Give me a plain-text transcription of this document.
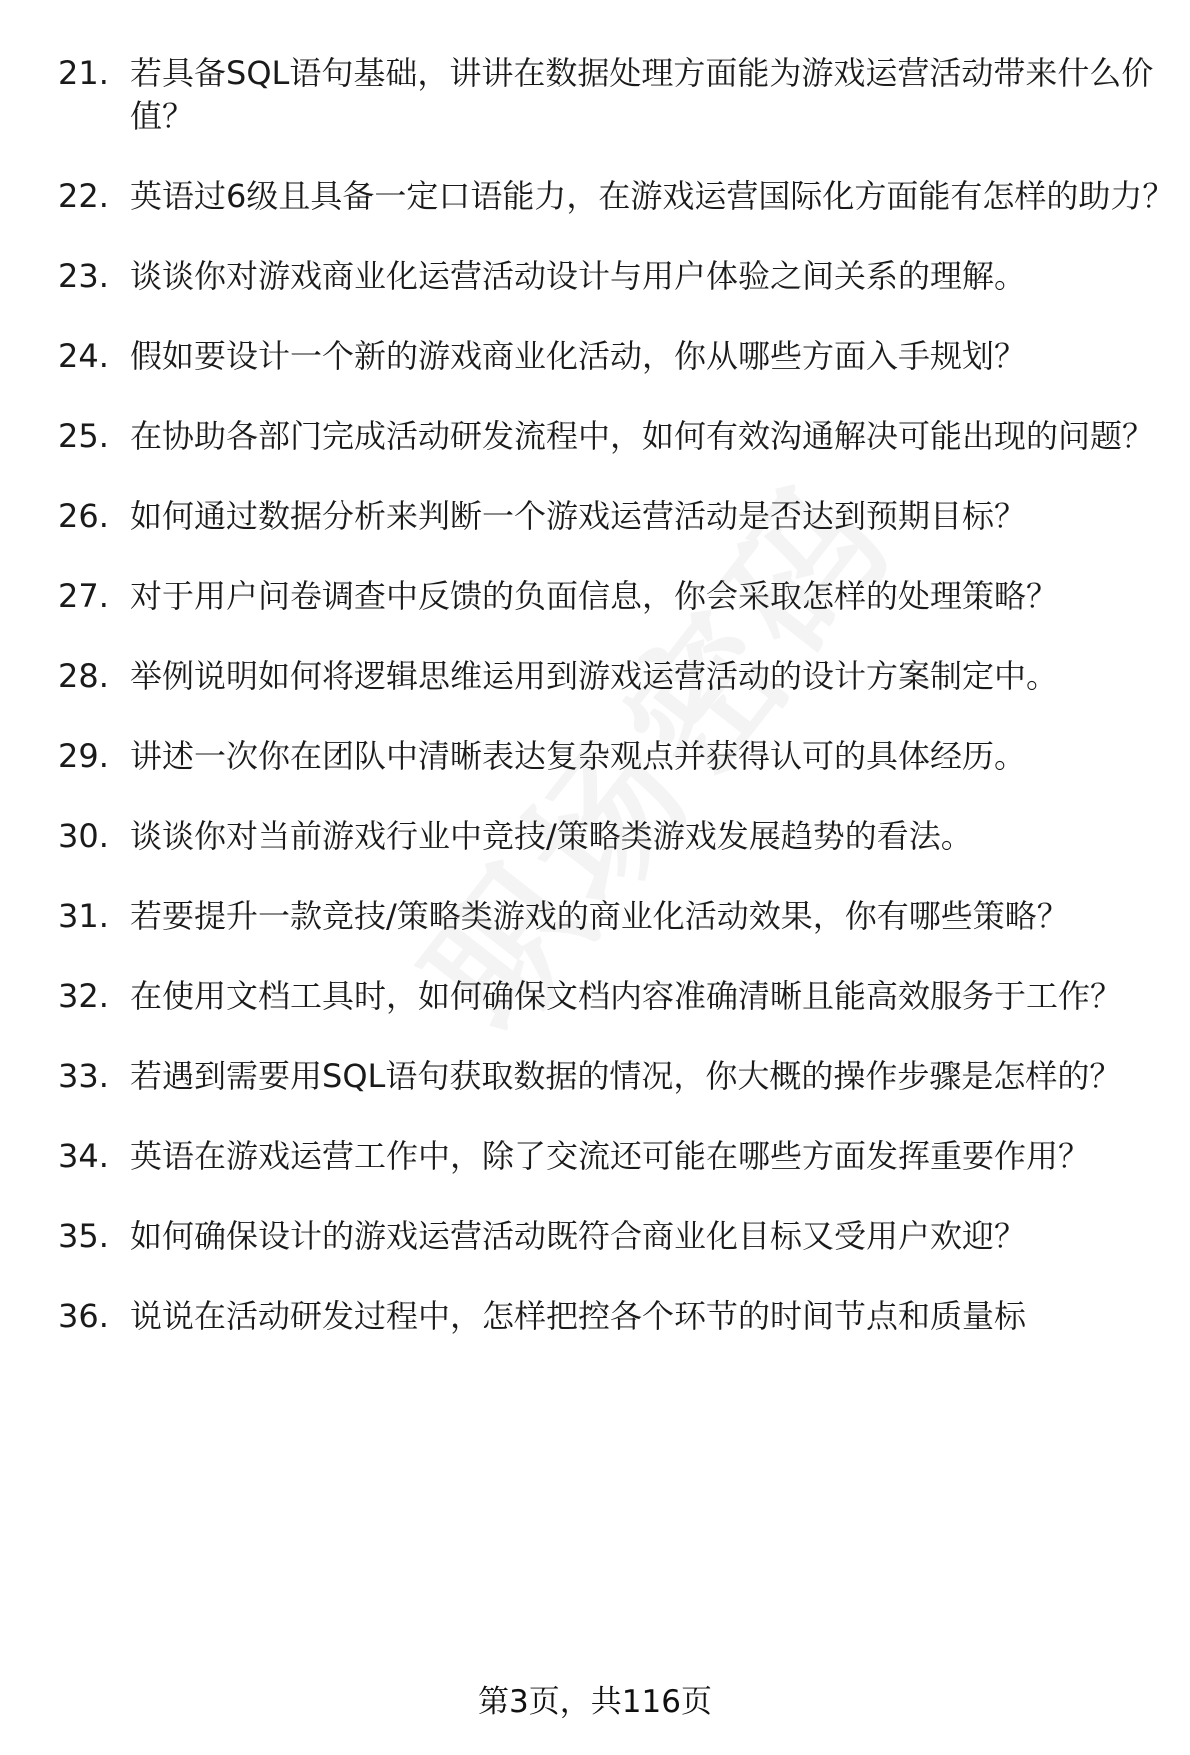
21. 若具备SQL语句基础，讲讲在数据处理方面能为游戏运营活动带来什么价值？
22. 英语过6级且具备一定口语能力，在游戏运营国际化方面能有怎样的助力？
23. 谈谈你对游戏商业化运营活动设计与用户体验之间关系的理解。
24. 假如要设计一个新的游戏商业化活动，你从哪些方面入手规划？
25. 在协助各部门完成活动研发流程中，如何有效沟通解决可能出现的问题？
26. 如何通过数据分析来判断一个游戏运营活动是否达到预期目标？
27. 对于用户问卷调查中反馈的负面信息，你会采取怎样的处理策略？
28. 举例说明如何将逻辑思维运用到游戏运营活动的设计方案制定中。
29. 讲述一次你在团队中清晰表达复杂观点并获得认可的具体经历。
30. 谈谈你对当前游戏行业中竞技/策略类游戏发展趋势的看法。
31. 若要提升一款竞技/策略类游戏的商业化活动效果，你有哪些策略？
32. 在使用文档工具时，如何确保文档内容准确清晰且能高效服务于工作？
33. 若遇到需要用SQL语句获取数据的情况，你大概的操作步骤是怎样的？
34. 英语在游戏运营工作中，除了交流还可能在哪些方面发挥重要作用？
35. 如何确保设计的游戏运营活动既符合商业化目标又受用户欢迎？
36. 说说在活动研发过程中，怎样把控各个环节的时间节点和质量标
第3页，共116页
